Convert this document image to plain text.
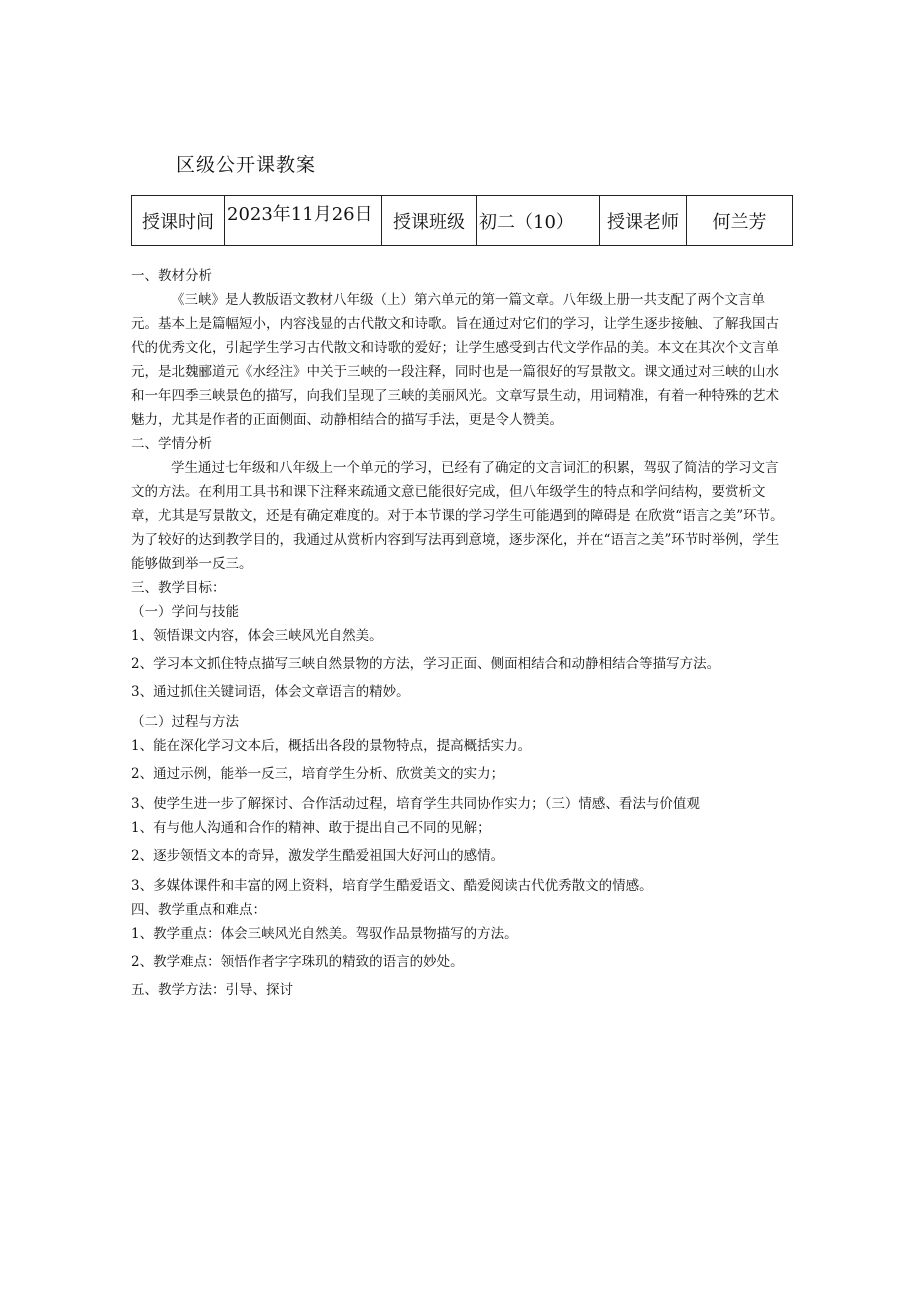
区级公开课教案
授课时间	2023年11月26日	授课班级	初二（10）	授课老师	何兰芳

一、教材分析

《三峡》是人教版语文教材八年级（上）第六单元的第一篇文章。八年级上册一共支配了两个文言单元。基本上是篇幅短小，内容浅显的古代散文和诗歌。旨在通过对它们的学习，让学生逐步接触、了解我国古代的优秀文化，引起学生学习古代散文和诗歌的爱好；让学生感受到古代文学作品的美。本文在其次个文言单元，是北魏郦道元《水经注》中关于三峡的一段注释，同时也是一篇很好的写景散文。课文通过对三峡的山水和一年四季三峡景色的描写，向我们呈现了三峡的美丽风光。文章写景生动，用词精准，有着一种特殊的艺术魅力，尤其是作者的正面侧面、动静相结合的描写手法，更是令人赞美。

二、学情分析

学生通过七年级和八年级上一个单元的学习，已经有了确定的文言词汇的积累，驾驭了简洁的学习文言文的方法。在利用工具书和课下注释来疏通文意已能很好完成，但八年级学生的特点和学问结构，要赏析文章，尤其是写景散文，还是有确定难度的。对于本节课的学习学生可能遇到的障碍是 在欣赏“语言之美”环节。为了较好的达到教学目的，我通过从赏析内容到写法再到意境，逐步深化，并在“语言之美”环节时举例，学生能够做到举一反三。

三、教学目标：

（一）学问与技能

1、领悟课文内容，体会三峡风光自然美。

2、学习本文抓住特点描写三峡自然景物的方法，学习正面、侧面相结合和动静相结合等描写方法。

3、通过抓住关键词语，体会文章语言的精妙。

（二）过程与方法

1、能在深化学习文本后，概括出各段的景物特点，提高概括实力。

2、通过示例，能举一反三，培育学生分析、欣赏美文的实力；

3、使学生进一步了解探讨、合作活动过程，培育学生共同协作实力；（三）情感、看法与价值观

1、有与他人沟通和合作的精神、敢于提出自己不同的见解；

2、逐步领悟文本的奇异，激发学生酷爱祖国大好河山的感情。

3、多媒体课件和丰富的网上资料，培育学生酷爱语文、酷爱阅读古代优秀散文的情感。

四、教学重点和难点：

1、教学重点：体会三峡风光自然美。驾驭作品景物描写的方法。

2、教学难点：领悟作者字字珠玑的精致的语言的妙处。

五、教学方法：引导、探讨
